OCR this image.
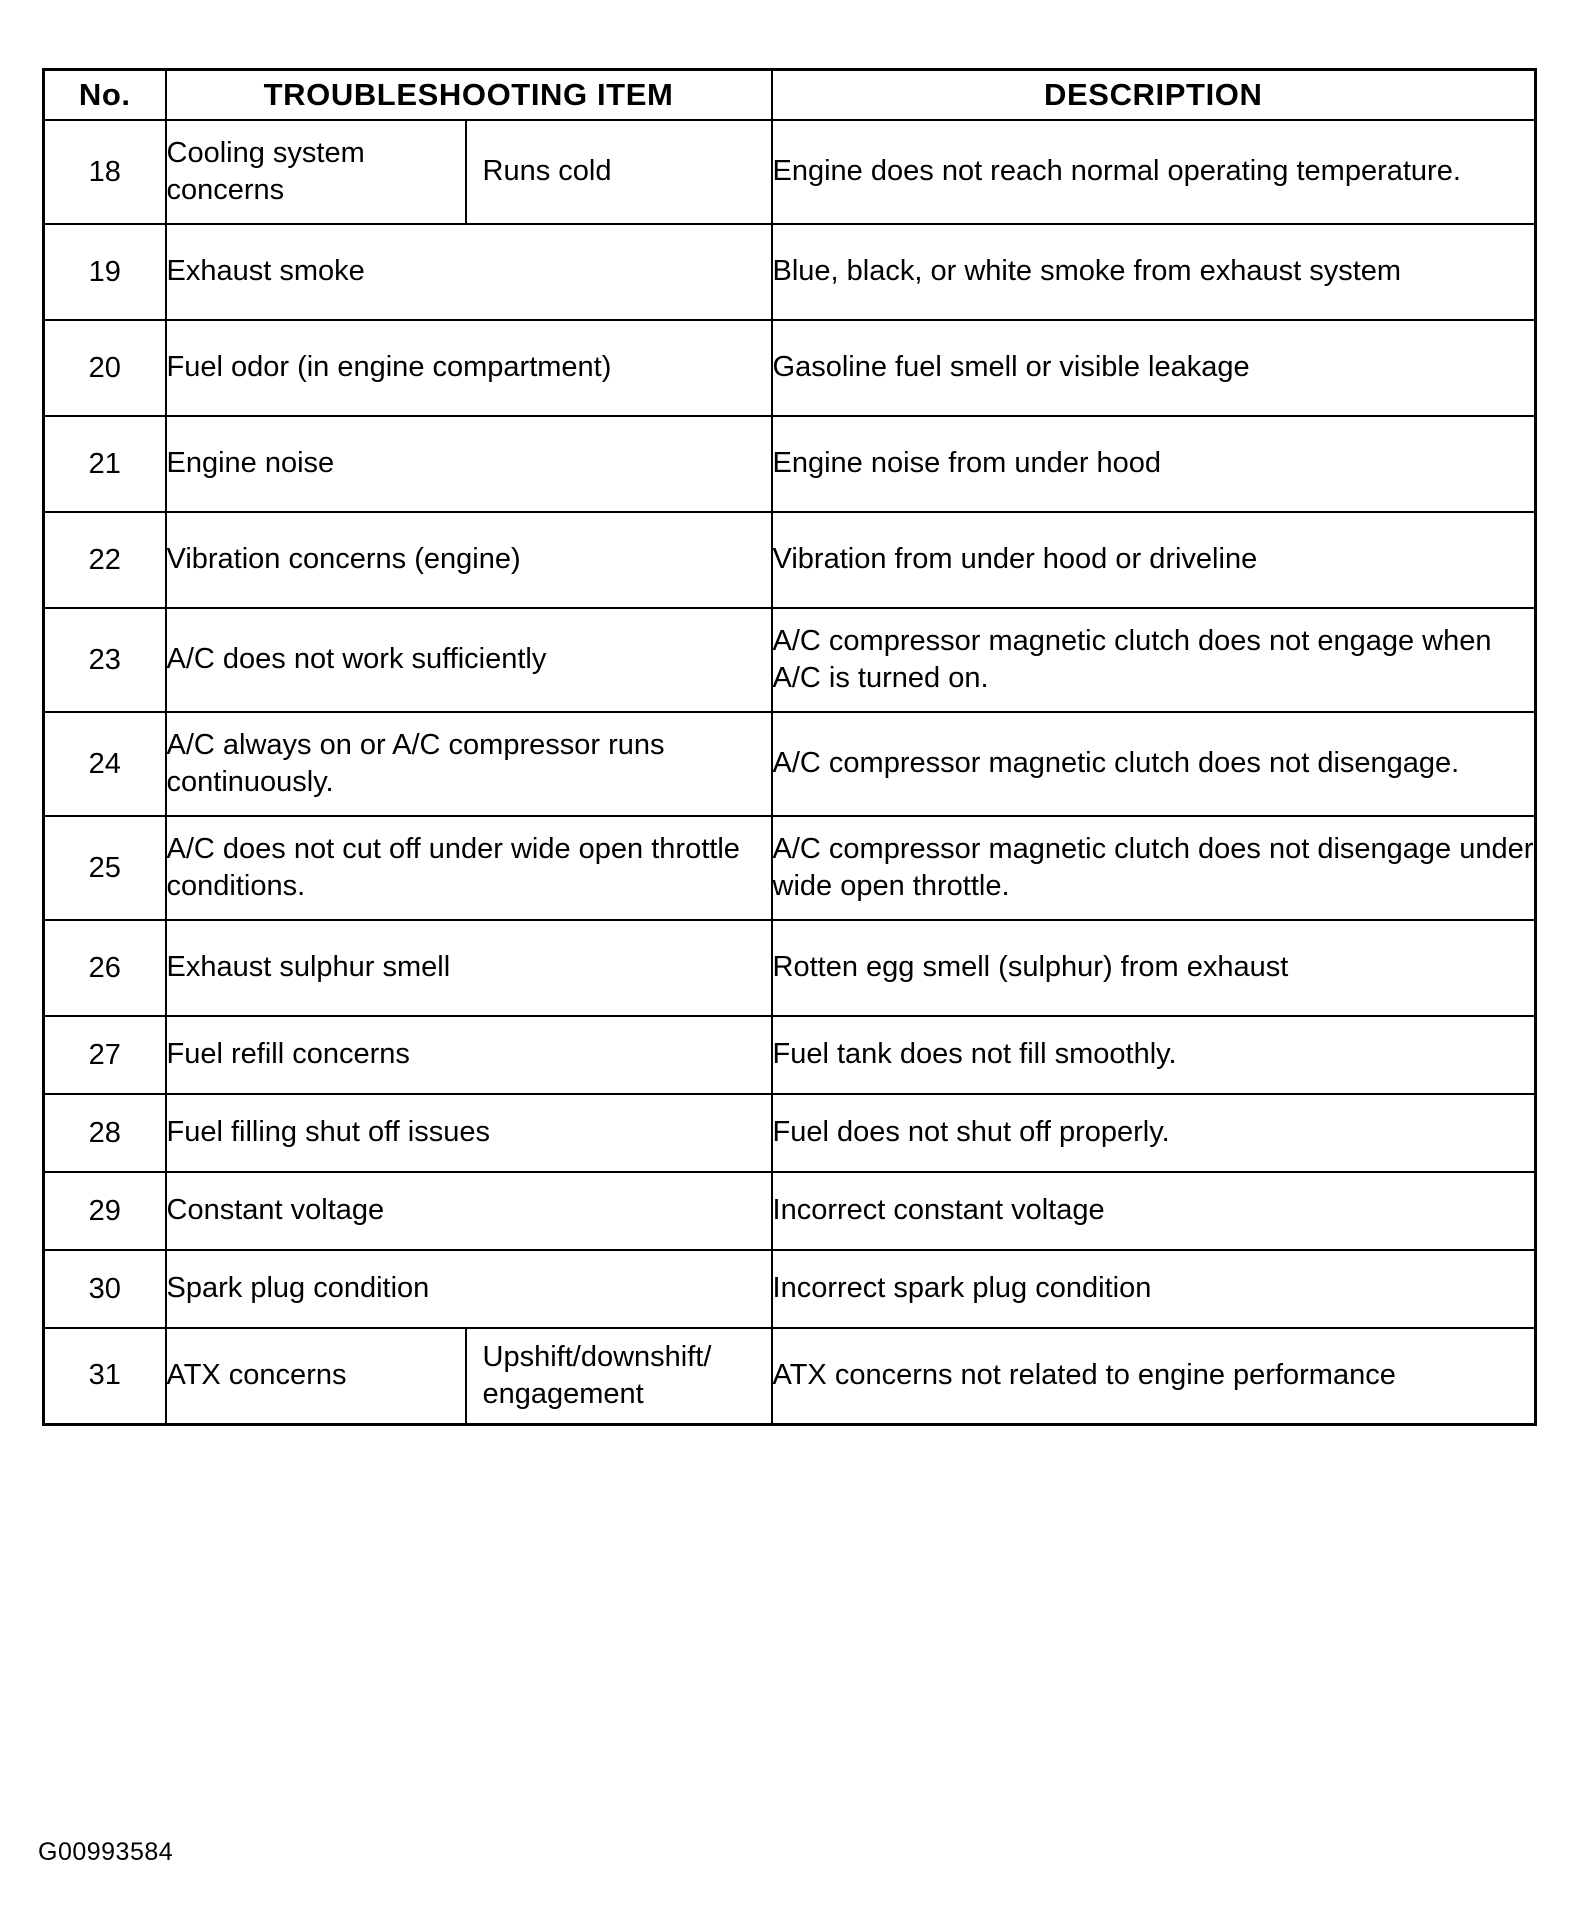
No.	TROUBLESHOOTING ITEM		DESCRIPTION
18	Cooling system concerns	Runs cold	Engine does not reach normal operating temperature.
19	Exhaust smoke		Blue, black, or white smoke from exhaust system
20	Fuel odor (in engine compartment)		Gasoline fuel smell or visible leakage
21	Engine noise		Engine noise from under hood
22	Vibration concerns (engine)		Vibration from under hood or driveline
23	A/C does not work sufficiently		A/C compressor magnetic clutch does not engage when A/C is turned on.
24	A/C always on or A/C compressor runs continuously.		A/C compressor magnetic clutch does not disengage.
25	A/C does not cut off under wide open throttle conditions.		A/C compressor magnetic clutch does not disengage under wide open throttle.
26	Exhaust sulphur smell		Rotten egg smell (sulphur) from exhaust
27	Fuel refill concerns		Fuel tank does not fill smoothly.
28	Fuel filling shut off issues		Fuel does not shut off properly.
29	Constant voltage		Incorrect constant voltage
30	Spark plug condition		Incorrect spark plug condition
31	ATX concerns	Upshift/downshift/ engagement	ATX concerns not related to engine performance
G00993584
